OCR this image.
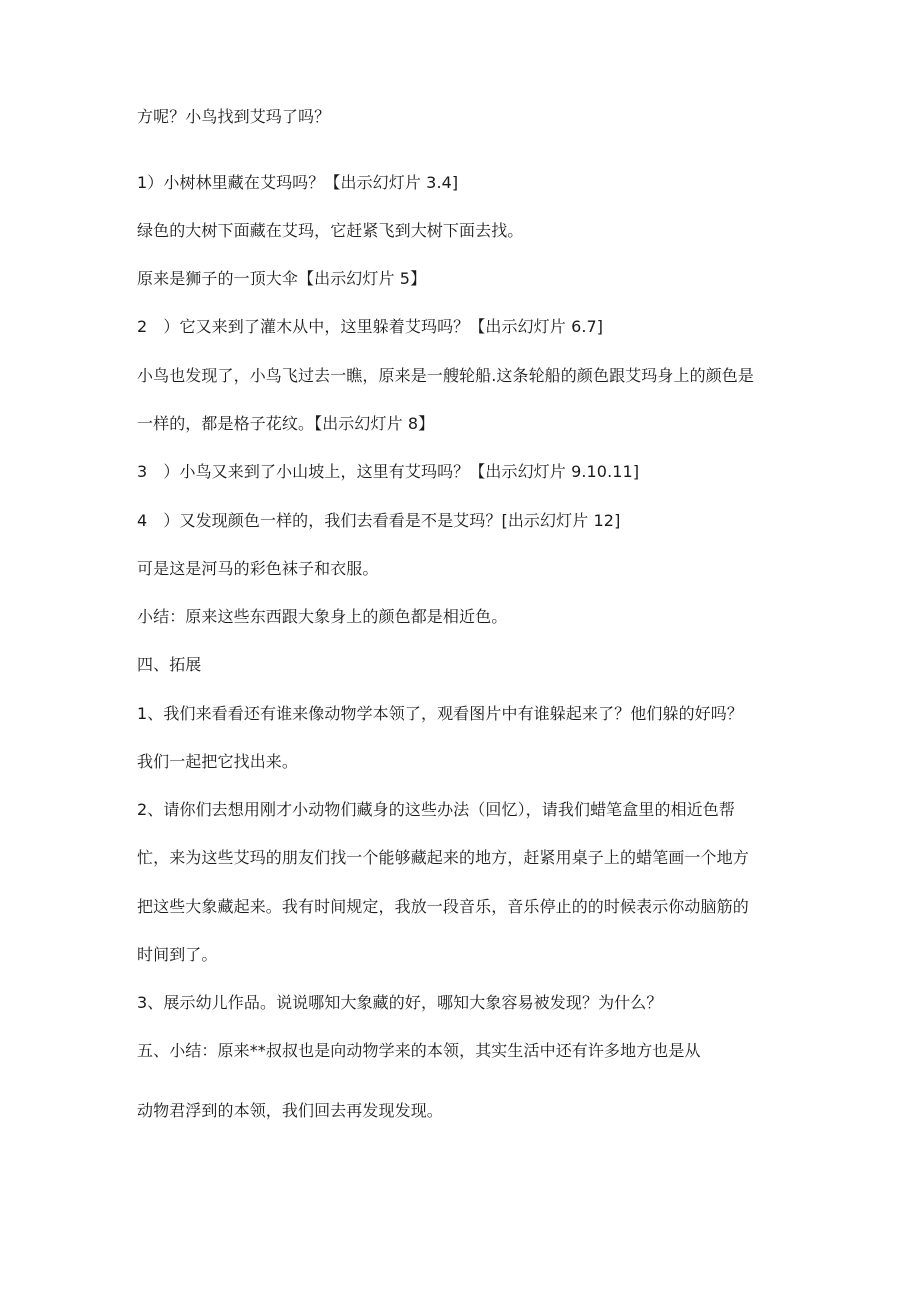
方呢？小鸟找到艾玛了吗？
1）小树林里藏在艾玛吗？【出示幻灯片 3.4]
绿色的大树下面藏在艾玛，它赶紧飞到大树下面去找。
原来是狮子的一顶大伞【出示幻灯片 5】
2　）它又来到了灌木从中，这里躲着艾玛吗？【出示幻灯片 6.7]
小鸟也发现了，小鸟飞过去一瞧，原来是一艘轮船.这条轮船的颜色跟艾玛身上的颜色是
一样的，都是格子花纹。【出示幻灯片 8】
3　）小鸟又来到了小山坡上，这里有艾玛吗？【出示幻灯片 9.10.11]
4　）又发现颜色一样的，我们去看看是不是艾玛？[出示幻灯片 12]
可是这是河马的彩色袜子和衣服。
小结：原来这些东西跟大象身上的颜色都是相近色。
四、拓展
1、我们来看看还有谁来像动物学本领了，观看图片中有谁躲起来了？他们躲的好吗？
我们一起把它找出来。
2、请你们去想用刚才小动物们藏身的这些办法（回忆），请我们蜡笔盒里的相近色帮
忙，来为这些艾玛的朋友们找一个能够藏起来的地方，赶紧用桌子上的蜡笔画一个地方
把这些大象藏起来。我有时间规定，我放一段音乐，音乐停止的的时候表示你动脑筋的
时间到了。
3、展示幼儿作品。说说哪知大象藏的好，哪知大象容易被发现？为什么？
五、小结：原来**叔叔也是向动物学来的本领，其实生活中还有许多地方也是从
动物君浮到的本领，我们回去再发现发现。
